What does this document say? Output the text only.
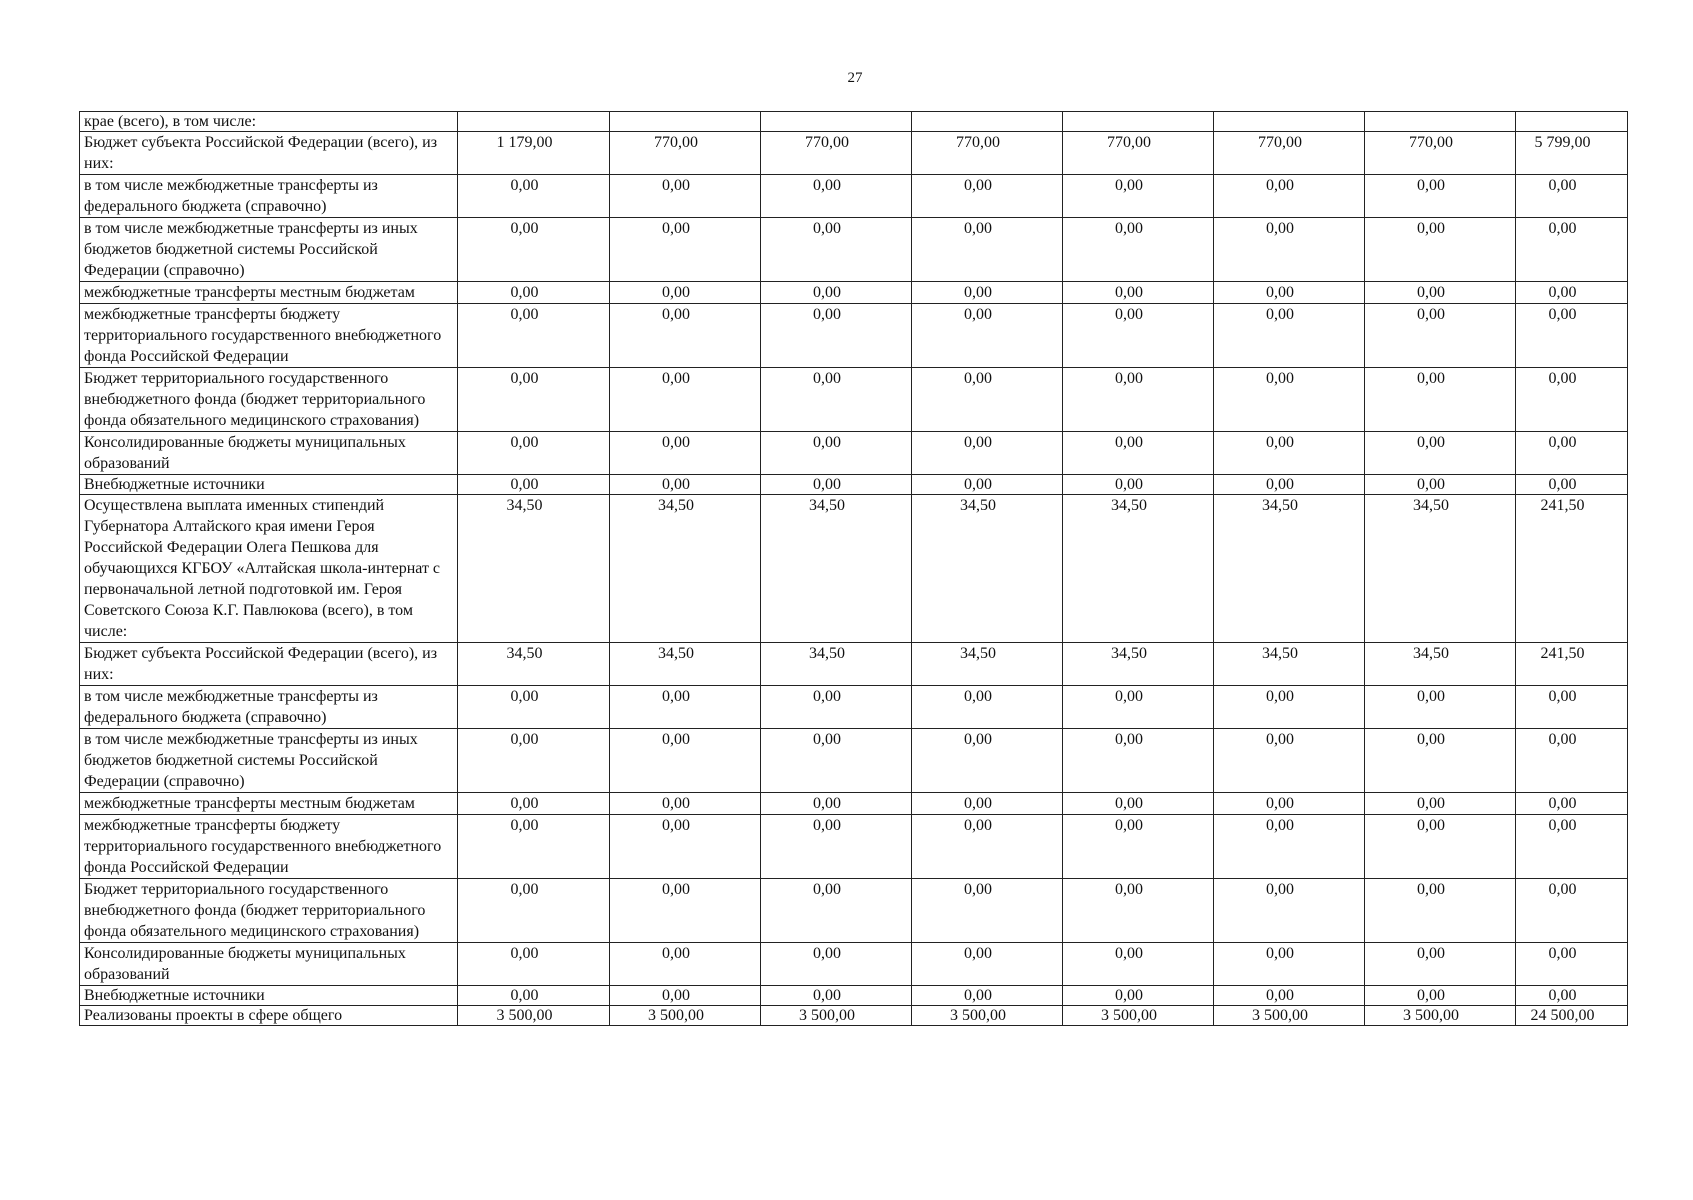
27
крае (всего), в том числе:								
Бюджет субъекта Российской Федерации (всего), из них:	1 179,00	770,00	770,00	770,00	770,00	770,00	770,00	5 799,00
в том числе межбюджетные трансферты из федерального бюджета (справочно)	0,00	0,00	0,00	0,00	0,00	0,00	0,00	0,00
в том числе межбюджетные трансферты из иных бюджетов бюджетной системы Российской Федерации (справочно)	0,00	0,00	0,00	0,00	0,00	0,00	0,00	0,00
межбюджетные трансферты местным бюджетам	0,00	0,00	0,00	0,00	0,00	0,00	0,00	0,00
межбюджетные трансферты бюджету территориального государственного внебюджетного фонда Российской Федерации	0,00	0,00	0,00	0,00	0,00	0,00	0,00	0,00
Бюджет территориального государственного внебюджетного фонда (бюджет территориального фонда обязательного медицинского страхования)	0,00	0,00	0,00	0,00	0,00	0,00	0,00	0,00
Консолидированные бюджеты муниципальных образований	0,00	0,00	0,00	0,00	0,00	0,00	0,00	0,00
Внебюджетные источники	0,00	0,00	0,00	0,00	0,00	0,00	0,00	0,00
Осуществлена выплата именных стипендий Губернатора Алтайского края имени Героя Российской Федерации Олега Пешкова для обучающихся КГБОУ «Алтайская школа-интернат с первоначальной летной подготовкой им. Героя Советского Союза К.Г. Павлюкова (всего), в том числе:	34,50	34,50	34,50	34,50	34,50	34,50	34,50	241,50
Бюджет субъекта Российской Федерации (всего), из них:	34,50	34,50	34,50	34,50	34,50	34,50	34,50	241,50
в том числе межбюджетные трансферты из федерального бюджета (справочно)	0,00	0,00	0,00	0,00	0,00	0,00	0,00	0,00
в том числе межбюджетные трансферты из иных бюджетов бюджетной системы Российской Федерации (справочно)	0,00	0,00	0,00	0,00	0,00	0,00	0,00	0,00
межбюджетные трансферты местным бюджетам	0,00	0,00	0,00	0,00	0,00	0,00	0,00	0,00
межбюджетные трансферты бюджету территориального государственного внебюджетного фонда Российской Федерации	0,00	0,00	0,00	0,00	0,00	0,00	0,00	0,00
Бюджет территориального государственного внебюджетного фонда (бюджет территориального фонда обязательного медицинского страхования)	0,00	0,00	0,00	0,00	0,00	0,00	0,00	0,00
Консолидированные бюджеты муниципальных образований	0,00	0,00	0,00	0,00	0,00	0,00	0,00	0,00
Внебюджетные источники	0,00	0,00	0,00	0,00	0,00	0,00	0,00	0,00
Реализованы проекты в сфере общего	3 500,00	3 500,00	3 500,00	3 500,00	3 500,00	3 500,00	3 500,00	24 500,00
